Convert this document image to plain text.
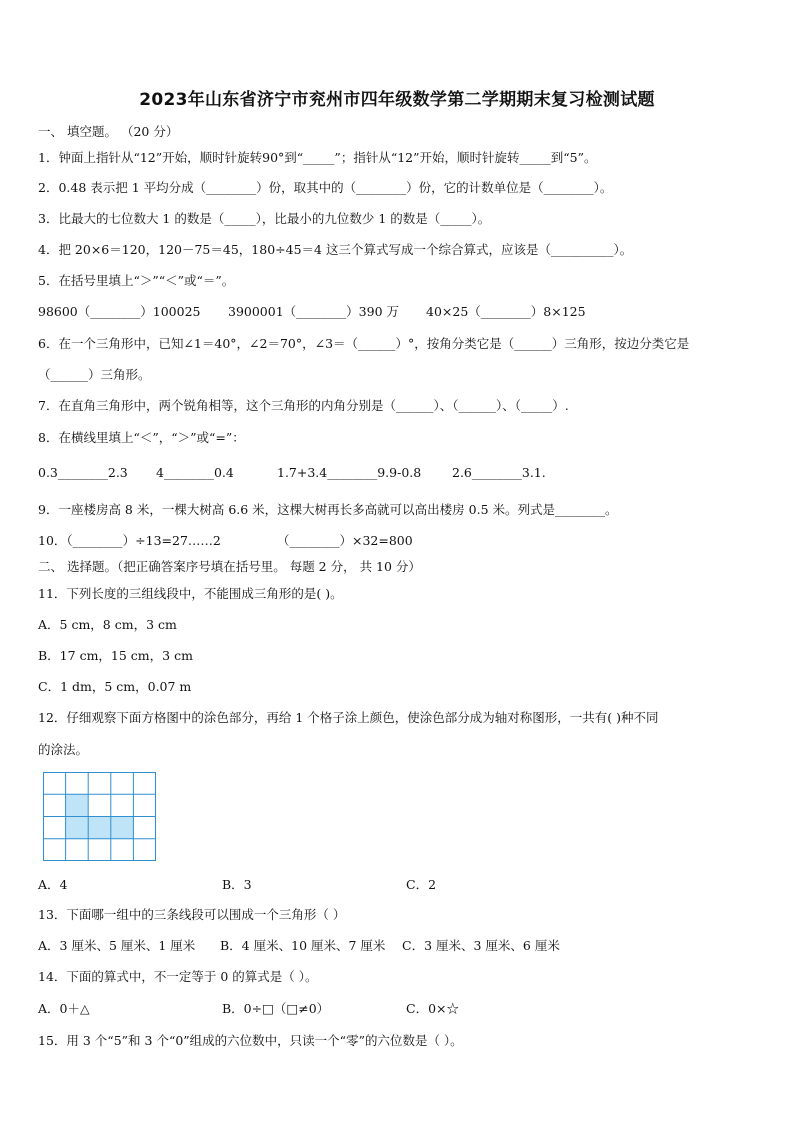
2023年山东省济宁市兖州市四年级数学第二学期期末复习检测试题
一、 填空题。 （20 分）
1．钟面上指针从“12”开始，顺时针旋转90°到“_____”；指针从“12”开始，顺时针旋转_____到“5”。
2．0.48 表示把 1 平均分成（________）份，取其中的（________）份，它的计数单位是（________）。
3．比最大的七位数大 1 的数是（_____），比最小的九位数少 1 的数是（_____）。
4．把 20×6＝120，120－75＝45，180÷45＝4 这三个算式写成一个综合算式，应该是（__________）。
5．在括号里填上“＞”“＜”或“＝”。
98600（________）100025 3900001（________）390 万 40×25（________）8×125
6．在一个三角形中，已知∠1＝40°，∠2＝70°，∠3＝（______）°，按角分类它是（______）三角形，按边分类它是
（______）三角形。
7．在直角三角形中，两个锐角相等，这个三角形的内角分别是（______）、（______）、（_____）.
8．在横线里填上“＜”，“＞”或“=”：
0.3________2.3 4________0.4	1.7+3.4________9.9-0.8 2.6________3.1.
9．一座楼房高 8 米，一棵大树高 6.6 米，这棵大树再长多高就可以高出楼房 0.5 米。列式是________。
10．（________）÷13=27……2	（________）×32=800
二、 选择题。（把正确答案序号填在括号里。 每题 2 分， 共 10 分）
11．下列长度的三组线段中，不能围成三角形的是( )。
A．5 cm，8 cm，3 cm
B．17 cm，15 cm，3 cm
C．1 dm，5 cm，0.07 m
12．仔细观察下面方格图中的涂色部分，再给 1 个格子涂上颜色，使涂色部分成为轴对称图形，一共有( )种不同
的涂法。
A．4	B．3	C．2
13．下面哪一组中的三条线段可以围成一个三角形（ ）
A．3 厘米、5 厘米、1 厘米 B．4 厘米、10 厘米、7 厘米 C．3 厘米、3 厘米、6 厘米
14．下面的算式中，不一定等于 0 的算式是（ ）。
A．0＋△	B．0÷□（□≠0）	C．0×☆
15．用 3 个“5”和 3 个“0”组成的六位数中，只读一个“零”的六位数是（ ）。
